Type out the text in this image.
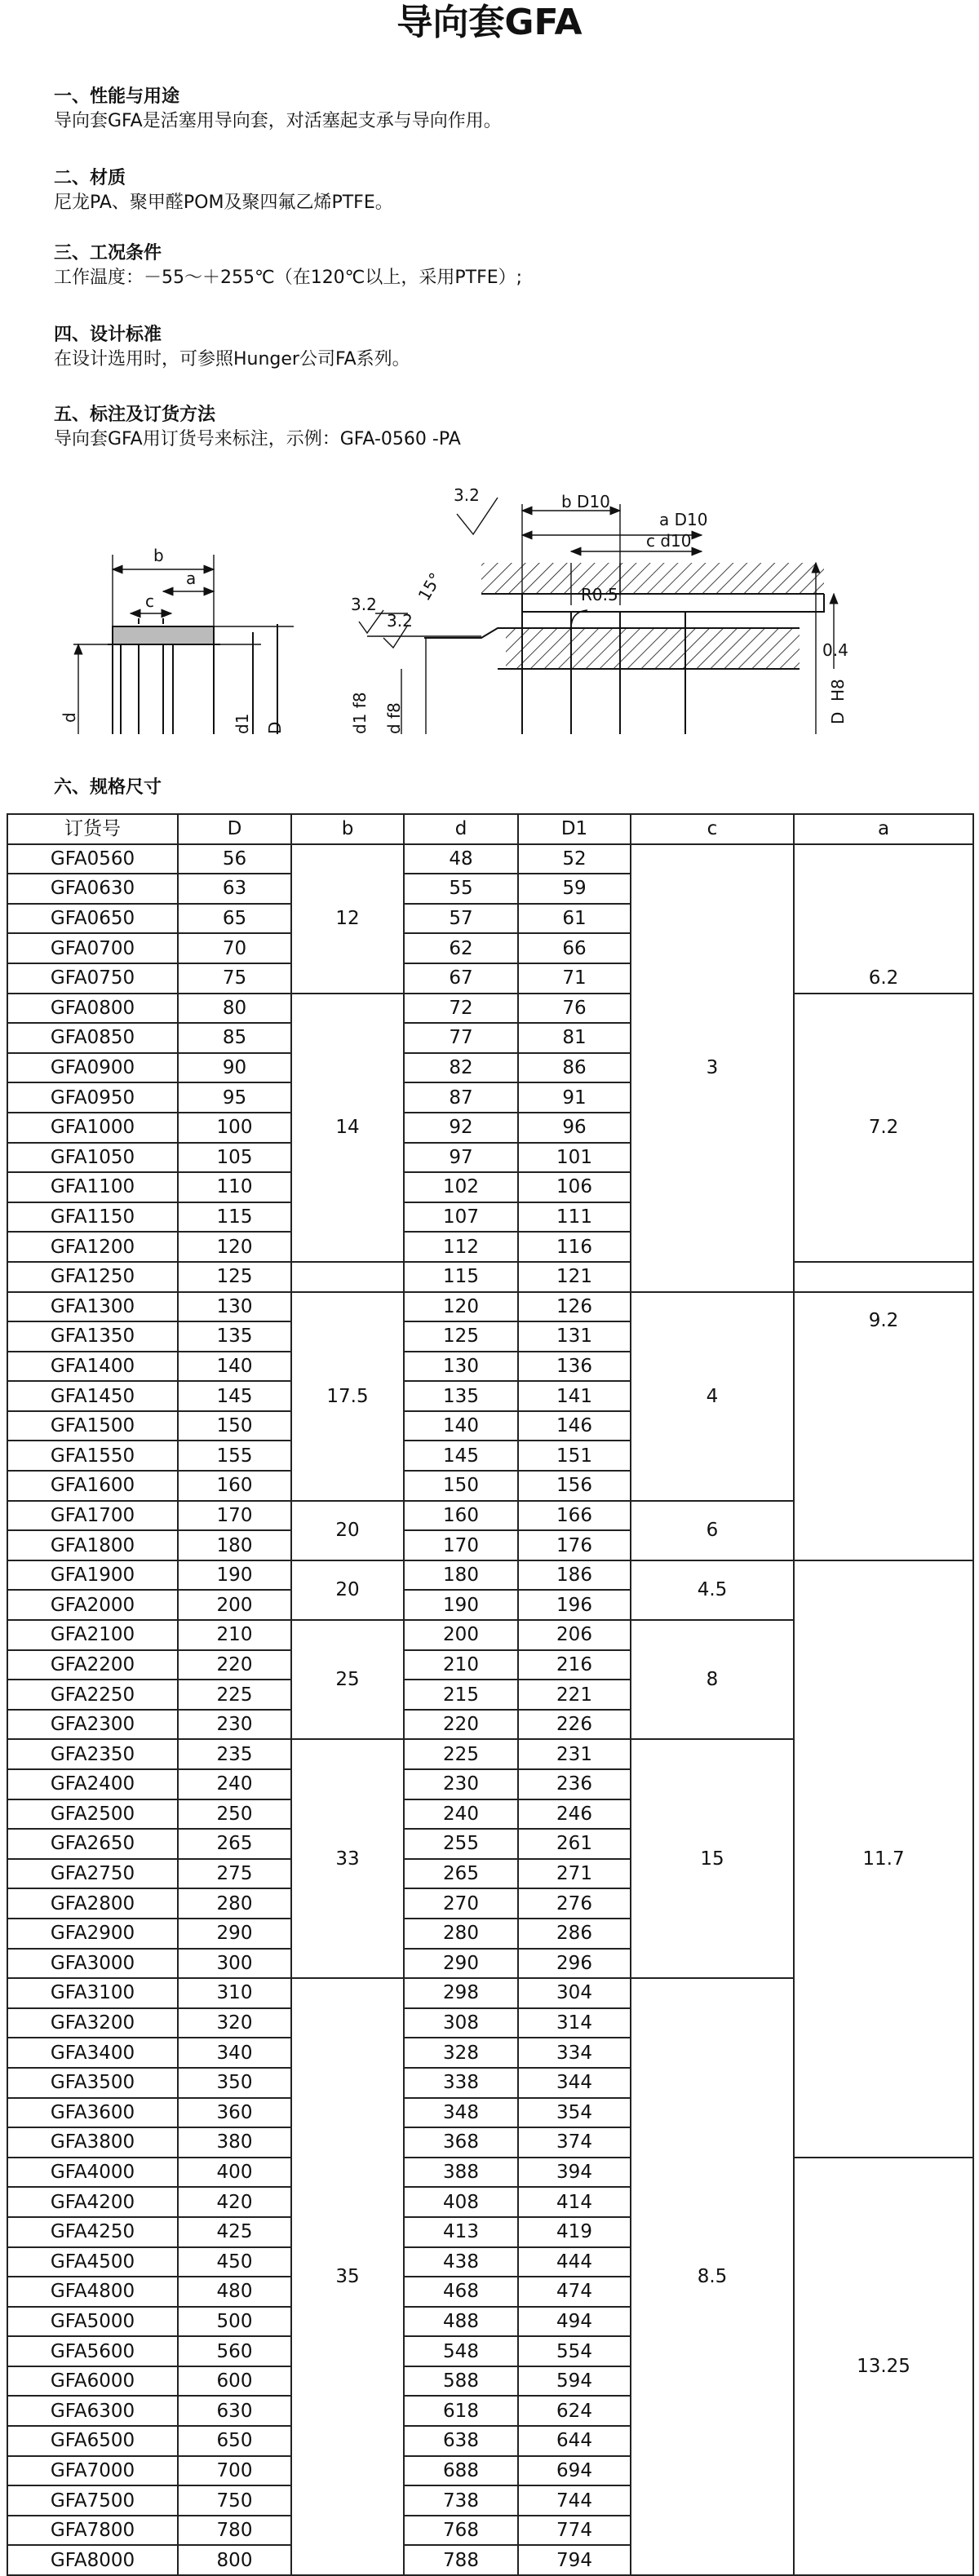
导向套GFA
一、性能与用途
导向套GFA是活塞用导向套，对活塞起支承与导向作用。
二、材质
尼龙PA、聚甲醛POM及聚四氟乙烯PTFE。
三、工况条件
工作温度：－55～＋255℃（在120℃以上，采用PTFE）;
四、设计标准
在设计选用时，可参照Hunger公司FA系列。
五、标注及订货方法
导向套GFA用订货号来标注，示例：GFA-0560 -PA
b
a
c
d	d1 D
b D10
a D10
c d10
R0.5
3.2
3.2
3.2
15°
d1 f8 d f8	D
H8
0.4
六、规格尺寸
订货号	D	b	d	D1	c	a
GFA0560	56	12	48	52	3	6.2
GFA0630	63		55	59		
GFA0650	65		57	61		
GFA0700	70		62	66		
GFA0750	75		67	71		
GFA0800	80	14	72	76		7.2
GFA0850	85		77	81		
GFA0900	90		82	86		
GFA0950	95		87	91		
GFA1000	100		92	96		
GFA1050	105		97	101		
GFA1100	110		102	106		
GFA1150	115		107	111		
GFA1200	120		112	116		
GFA1250	125		115	121		
GFA1300	130	17.5	120	126	4	9.2
GFA1350	135		125	131		
GFA1400	140		130	136		
GFA1450	145		135	141		
GFA1500	150		140	146		
GFA1550	155		145	151		
GFA1600	160		150	156		
GFA1700	170	20	160	166	6	
GFA1800	180		170	176		
GFA1900	190	20	180	186	4.5	11.7
GFA2000	200		190	196		
GFA2100	210	25	200	206	8	
GFA2200	220		210	216		
GFA2250	225		215	221		
GFA2300	230		220	226		
GFA2350	235	33	225	231	15	
GFA2400	240		230	236		
GFA2500	250		240	246		
GFA2650	265		255	261		
GFA2750	275		265	271		
GFA2800	280		270	276		
GFA2900	290		280	286		
GFA3000	300		290	296		
GFA3100	310	35	298	304	8.5	
GFA3200	320		308	314		
GFA3400	340		328	334		
GFA3500	350		338	344		
GFA3600	360		348	354		
GFA3800	380		368	374		
GFA4000	400		388	394		13.25
GFA4200	420		408	414		
GFA4250	425		413	419		
GFA4500	450		438	444		
GFA4800	480		468	474		
GFA5000	500		488	494		
GFA5600	560		548	554		
GFA6000	600		588	594		
GFA6300	630		618	624		
GFA6500	650		638	644		
GFA7000	700		688	694		
GFA7500	750		738	744		
GFA7800	780		768	774		
GFA8000	800		788	794		
